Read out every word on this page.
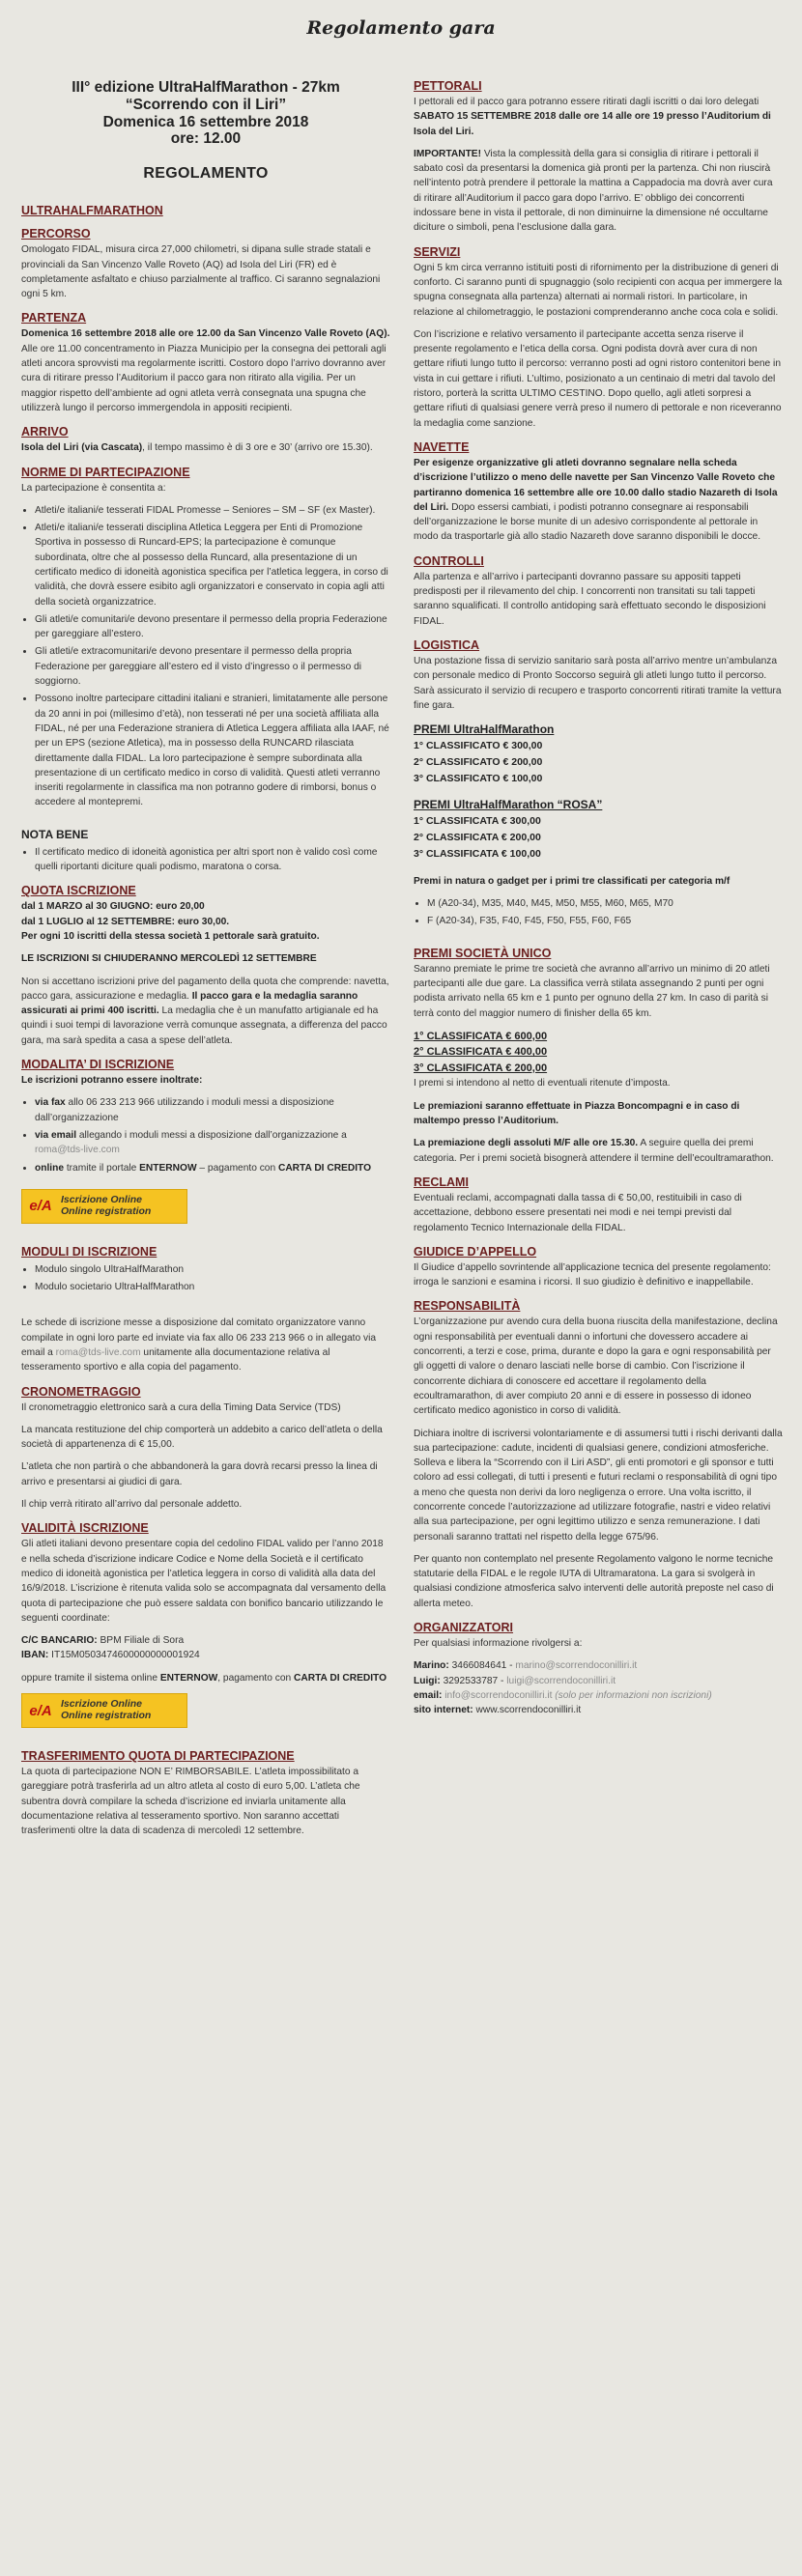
Regolamento gara
III° edizione UltraHalfMarathon - 27km
“Scorrendo con il Liri”
Domenica 16 settembre 2018
ore: 12.00
REGOLAMENTO
ULTRAHALFMARATHON
PERCORSO

Omologato FIDAL, misura circa 27,000 chilometri, si dipana sulle strade statali e provinciali da San Vincenzo Valle Roveto (AQ) ad Isola del Liri (FR) ed è completamente asfaltato e chiuso parzialmente al traffico. Ci saranno segnalazioni ogni 5 km.

PARTENZA

Domenica 16 settembre 2018 alle ore 12.00 da San Vincenzo Valle Roveto (AQ). Alle ore 11.00 concentramento in Piazza Municipio per la consegna dei pettorali agli atleti ancora sprovvisti ma regolarmente iscritti. Costoro dopo l’arrivo dovranno aver cura di ritirare presso l’Auditorium il pacco gara non ritirato alla vigilia. Per un maggior rispetto dell’ambiente ad ogni atleta verrà consegnata una spugna che utilizzerà lungo il percorso immergendola in appositi recipienti.

ARRIVO

Isola del Liri (via Cascata), il tempo massimo è di 3 ore e 30’ (arrivo ore 15.30).

NORME DI PARTECIPAZIONE

La partecipazione è consentita a:

• Atleti/e italiani/e tesserati FIDAL Promesse – Seniores – SM – SF (ex Master).
• Atleti/e italiani/e tesserati disciplina Atletica Leggera per Enti di Promozione Sportiva in possesso di Runcard-EPS; la partecipazione è comunque subordinata, oltre che al possesso della Runcard, alla presentazione di un certificato medico di idoneità agonistica specifica per l’atletica leggera, in corso di validità, che dovrà essere esibito agli organizzatori e conservato in copia agli atti della società organizzatrice.
• Gli atleti/e comunitari/e devono presentare il permesso della propria Federazione per gareggiare all’estero.
• Gli atleti/e extracomunitari/e devono presentare il permesso della propria Federazione per gareggiare all’estero ed il visto d’ingresso o il permesso di soggiorno.
• Possono inoltre partecipare cittadini italiani e stranieri, limitatamente alle persone da 20 anni in poi (millesimo d’età), non tesserati né per una società affiliata alla FIDAL, né per una Federazione straniera di Atletica Leggera affiliata alla IAAF, né per un EPS (sezione Atletica), ma in possesso della RUNCARD rilasciata direttamente dalla FIDAL. La loro partecipazione è sempre subordinata alla presentazione di un certificato medico in corso di validità. Questi atleti verranno inseriti regolarmente in classifica ma non potranno godere di rimborsi, bonus o accedere al montepremi.
NOTA BENE
• Il certificato medico di idoneità agonistica per altri sport non è valido così come quelli riportanti diciture quali podismo, maratona o corsa.
QUOTA ISCRIZIONE

dal 1 MARZO al 30 GIUGNO: euro 20,00

dal 1 LUGLIO al 12 SETTEMBRE: euro 30,00.

Per ogni 10 iscritti della stessa società 1 pettorale sarà gratuito.

LE ISCRIZIONI SI CHIUDERANNO MERCOLEDÌ 12 SETTEMBRE

Non si accettano iscrizioni prive del pagamento della quota che comprende: navetta, pacco gara, assicurazione e medaglia. Il pacco gara e la medaglia saranno assicurati ai primi 400 iscritti. La medaglia che è un manufatto artigianale ed ha quindi i suoi tempi di lavorazione verrà comunque assegnata, a differenza del pacco gara, ma sarà spedita a casa a spese dell’atleta.

MODALITA’ DI ISCRIZIONE

Le iscrizioni potranno essere inoltrate:

• via fax allo 06 233 213 966 utilizzando i moduli messi a disposizione dall’organizzazione
• via email allegando i moduli messi a disposizione dall’organizzazione a roma@tds-live.com
• online tramite il portale ENTERNOW – pagamento con CARTA DI CREDITO
e/A Iscrizione Online
Online registration
MODULI DI ISCRIZIONE
• Modulo singolo UltraHalfMarathon
• Modulo societario UltraHalfMarathon

Le schede di iscrizione messe a disposizione dal comitato organizzatore vanno compilate in ogni loro parte ed inviate via fax allo 06 233 213 966 o in allegato via email a roma@tds-live.com unitamente alla documentazione relativa al tesseramento sportivo e alla copia del pagamento.

CRONOMETRAGGIO

Il cronometraggio elettronico sarà a cura della Timing Data Service (TDS)

La mancata restituzione del chip comporterà un addebito a carico dell’atleta o della società di appartenenza di € 15,00.

L’atleta che non partirà o che abbandonerà la gara dovrà recarsi presso la linea di arrivo e presentarsi ai giudici di gara.

Il chip verrà ritirato all’arrivo dal personale addetto.

VALIDITÀ ISCRIZIONE

Gli atleti italiani devono presentare copia del cedolino FIDAL valido per l’anno 2018 e nella scheda d’iscrizione indicare Codice e Nome della Società e il certificato medico di idoneità agonistica per l’atletica leggera in corso di validità alla data del 16/9/2018. L’iscrizione è ritenuta valida solo se accompagnata dal versamento della quota di partecipazione che può essere saldata con bonifico bancario utilizzando le seguenti coordinate:

C/C BANCARIO: BPM Filiale di Sora

IBAN: IT15M0503474600000000001924

oppure tramite il sistema online ENTERNOW, pagamento con CARTA DI CREDITO

e/A Iscrizione Online
Online registration
TRASFERIMENTO QUOTA DI PARTECIPAZIONE

La quota di partecipazione NON E’ RIMBORSABILE. L’atleta impossibilitato a gareggiare potrà trasferirla ad un altro atleta al costo di euro 5,00. L’atleta che subentra dovrà compilare la scheda d’iscrizione ed inviarla unitamente alla documentazione relativa al tesseramento sportivo. Non saranno accettati trasferimenti oltre la data di scadenza di mercoledì 12 settembre.

PETTORALI

I pettorali ed il pacco gara potranno essere ritirati dagli iscritti o dai loro delegati SABATO 15 SETTEMBRE 2018 dalle ore 14 alle ore 19 presso l’Auditorium di Isola del Liri.

IMPORTANTE! Vista la complessità della gara si consiglia di ritirare i pettorali il sabato così da presentarsi la domenica già pronti per la partenza. Chi non riuscirà nell’intento potrà prendere il pettorale la mattina a Cappadocia ma dovrà aver cura di ritirare all’Auditorium il pacco gara dopo l’arrivo. E’ obbligo dei concorrenti indossare bene in vista il pettorale, di non diminuirne la dimensione né occultarne diciture o simboli, pena l’esclusione dalla gara.

SERVIZI

Ogni 5 km circa verranno istituiti posti di rifornimento per la distribuzione di generi di conforto. Ci saranno punti di spugnaggio (solo recipienti con acqua per immergere la spugna consegnata alla partenza) alternati ai normali ristori. In particolare, in relazione al chilometraggio, le postazioni comprenderanno anche coca cola e solidi.

Con l’iscrizione e relativo versamento il partecipante accetta senza riserve il presente regolamento e l’etica della corsa. Ogni podista dovrà aver cura di non gettare rifiuti lungo tutto il percorso: verranno posti ad ogni ristoro contenitori bene in vista in cui gettare i rifiuti. L’ultimo, posizionato a un centinaio di metri dal tavolo del ristoro, porterà la scritta ULTIMO CESTINO. Dopo quello, agli atleti sorpresi a gettare rifiuti di qualsiasi genere verrà preso il numero di pettorale e non riceveranno la medaglia come sanzione.

NAVETTE

Per esigenze organizzative gli atleti dovranno segnalare nella scheda d’iscrizione l’utilizzo o meno delle navette per San Vincenzo Valle Roveto che partiranno domenica 16 settembre alle ore 10.00 dallo stadio Nazareth di Isola del Liri. Dopo essersi cambiati, i podisti potranno consegnare ai responsabili dell’organizzazione le borse munite di un adesivo corrispondente al pettorale in modo da trasportarle già allo stadio Nazareth dove saranno disponibili le docce.

CONTROLLI

Alla partenza e all’arrivo i partecipanti dovranno passare su appositi tappeti predisposti per il rilevamento del chip. I concorrenti non transitati su tali tappeti saranno squalificati. Il controllo antidoping sarà effettuato secondo le disposizioni FIDAL.

LOGISTICA

Una postazione fissa di servizio sanitario sarà posta all’arrivo mentre un’ambulanza con personale medico di Pronto Soccorso seguirà gli atleti lungo tutto il percorso. Sarà assicurato il servizio di recupero e trasporto concorrenti ritirati tramite la vettura fine gara.

PREMI UltraHalfMarathon

1° CLASSIFICATO € 300,00

2° CLASSIFICATO € 200,00

3° CLASSIFICATO € 100,00

PREMI UltraHalfMarathon “ROSA”

1° CLASSIFICATA € 300,00

2° CLASSIFICATA € 200,00

3° CLASSIFICATA € 100,00

Premi in natura o gadget per i primi tre classificati per categoria m/f

• M (A20-34), M35, M40, M45, M50, M55, M60, M65, M70
• F (A20-34), F35, F40, F45, F50, F55, F60, F65
PREMI SOCIETÀ UNICO

Saranno premiate le prime tre società che avranno all’arrivo un minimo di 20 atleti partecipanti alle due gare. La classifica verrà stilata assegnando 2 punti per ogni podista arrivato nella 65 km e 1 punto per ognuno della 27 km. In caso di parità si terrà conto del maggior numero di finisher della 65 km.

1° CLASSIFICATA € 600,00

2° CLASSIFICATA € 400,00

3° CLASSIFICATA € 200,00

I premi si intendono al netto di eventuali ritenute d’imposta.

Le premiazioni saranno effettuate in Piazza Boncompagni e in caso di maltempo presso l’Auditorium.

La premiazione degli assoluti M/F alle ore 15.30. A seguire quella dei premi categoria. Per i premi società bisognerà attendere il termine dell’ecoultramarathon.

RECLAMI

Eventuali reclami, accompagnati dalla tassa di € 50,00, restituibili in caso di accettazione, debbono essere presentati nei modi e nei tempi previsti dal regolamento Tecnico Internazionale della FIDAL.

GIUDICE D’APPELLO

Il Giudice d’appello sovrintende all’applicazione tecnica del presente regolamento: irroga le sanzioni e esamina i ricorsi. Il suo giudizio è definitivo e inappellabile.

RESPONSABILITÀ

L’organizzazione pur avendo cura della buona riuscita della manifestazione, declina ogni responsabilità per eventuali danni o infortuni che dovessero accadere ai concorrenti, a terzi e cose, prima, durante e dopo la gara e ogni responsabilità per gli oggetti di valore o denaro lasciati nelle borse di cambio. Con l’iscrizione il concorrente dichiara di conoscere ed accettare il regolamento della ecoultramarathon, di aver compiuto 20 anni e di essere in possesso di idoneo certificato medico agonistico in corso di validità.

Dichiara inoltre di iscriversi volontariamente e di assumersi tutti i rischi derivanti dalla sua partecipazione: cadute, incidenti di qualsiasi genere, condizioni atmosferiche. Solleva e libera la “Scorrendo con il Liri ASD”, gli enti promotori e gli sponsor e tutti coloro ad essi collegati, di tutti i presenti e futuri reclami o responsabilità di ogni tipo a meno che questa non derivi da loro negligenza o errore. Una volta iscritto, il concorrente concede l’autorizzazione ad utilizzare fotografie, nastri e video relativi alla sua partecipazione, per ogni legittimo utilizzo e senza remunerazione. I dati personali saranno trattati nel rispetto della legge 675/96.

Per quanto non contemplato nel presente Regolamento valgono le norme tecniche statutarie della FIDAL e le regole IUTA di Ultramaratona. La gara si svolgerà in qualsiasi condizione atmosferica salvo interventi delle autorità preposte nel caso di allerta meteo.

ORGANIZZATORI

Per qualsiasi informazione rivolgersi a:

Marino: 3466084641 - marino@scorrendoconilliri.it

Luigi: 3292533787 - luigi@scorrendoconilliri.it

email: info@scorrendoconilliri.it (solo per informazioni non iscrizioni)

sito internet: www.scorrendoconilliri.it
